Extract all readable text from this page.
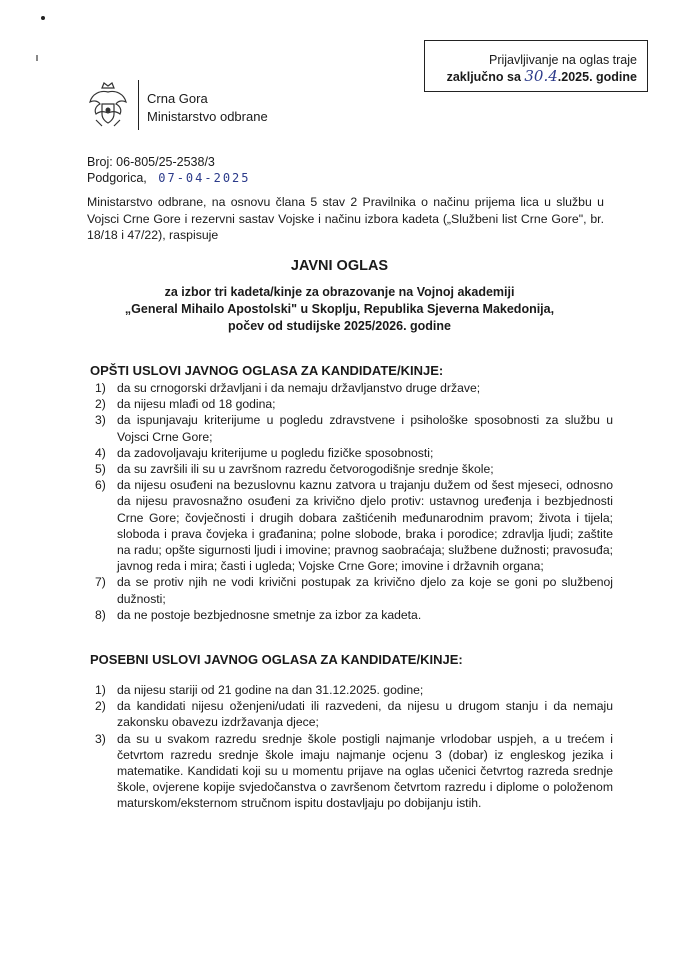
Prijavljivanje na oglas traje
zaključno sa 30.4.2025. godine
Crna Gora
Ministarstvo odbrane
Broj: 06-805/25-2538/3
Podgorica, 07-04-2025
Ministarstvo odbrane, na osnovu člana 5 stav 2 Pravilnika o načinu prijema lica u službu u Vojsci Crne Gore i rezervni sastav Vojske i načinu izbora kadeta („Službeni list Crne Gore", br. 18/18 i 47/22), raspisuje
JAVNI OGLAS
za izbor tri kadeta/kinje za obrazovanje na Vojnoj akademiji
„General Mihailo Apostolski" u Skoplju, Republika Sjeverna Makedonija,
počev od studijske 2025/2026. godine
OPŠTI USLOVI JAVNOG OGLASA ZA KANDIDATE/KINJE:
1) da su crnogorski državljani i da nemaju državljanstvo druge države;
2) da nijesu mlađi od 18 godina;
3) da ispunjavaju kriterijume u pogledu zdravstvene i psihološke sposobnosti za službu u Vojsci Crne Gore;
4) da zadovoljavaju kriterijume u pogledu fizičke sposobnosti;
5) da su završili ili su u završnom razredu četvorogodišnje srednje škole;
6) da nijesu osuđeni na bezuslovnu kaznu zatvora u trajanju dužem od šest mjeseci, odnosno da nijesu pravosnažno osuđeni za krivično djelo protiv: ustavnog uređenja i bezbjednosti Crne Gore; čovječnosti i drugih dobara zaštićenih međunarodnim pravom; života i tijela; sloboda i prava čovjeka i građanina; polne slobode, braka i porodice; zdravlja ljudi; zaštite na radu; opšte sigurnosti ljudi i imovine; pravnog saobraćaja; službene dužnosti; pravosuđa; javnog reda i mira; časti i ugleda; Vojske Crne Gore; imovine i državnih organa;
7) da se protiv njih ne vodi krivični postupak za krivično djelo za koje se goni po službenoj dužnosti;
8) da ne postoje bezbjednosne smetnje za izbor za kadeta.
POSEBNI USLOVI JAVNOG OGLASA ZA KANDIDATE/KINJE:
1) da nijesu stariji od 21 godine na dan 31.12.2025. godine;
2) da kandidati nijesu oženjeni/udati ili razvedeni, da nijesu u drugom stanju i da nemaju zakonsku obavezu izdržavanja djece;
3) da su u svakom razredu srednje škole postigli najmanje vrlodobar uspjeh, a u trećem i četvrtom razredu srednje škole imaju najmanje ocjenu 3 (dobar) iz engleskog jezika i matematike. Kandidati koji su u momentu prijave na oglas učenici četvrtog razreda srednje škole, ovjerene kopije svjedočanstva o završenom četvrtom razredu i diplome o položenom maturskom/eksternom stručnom ispitu dostavljaju po dobijanju istih.
